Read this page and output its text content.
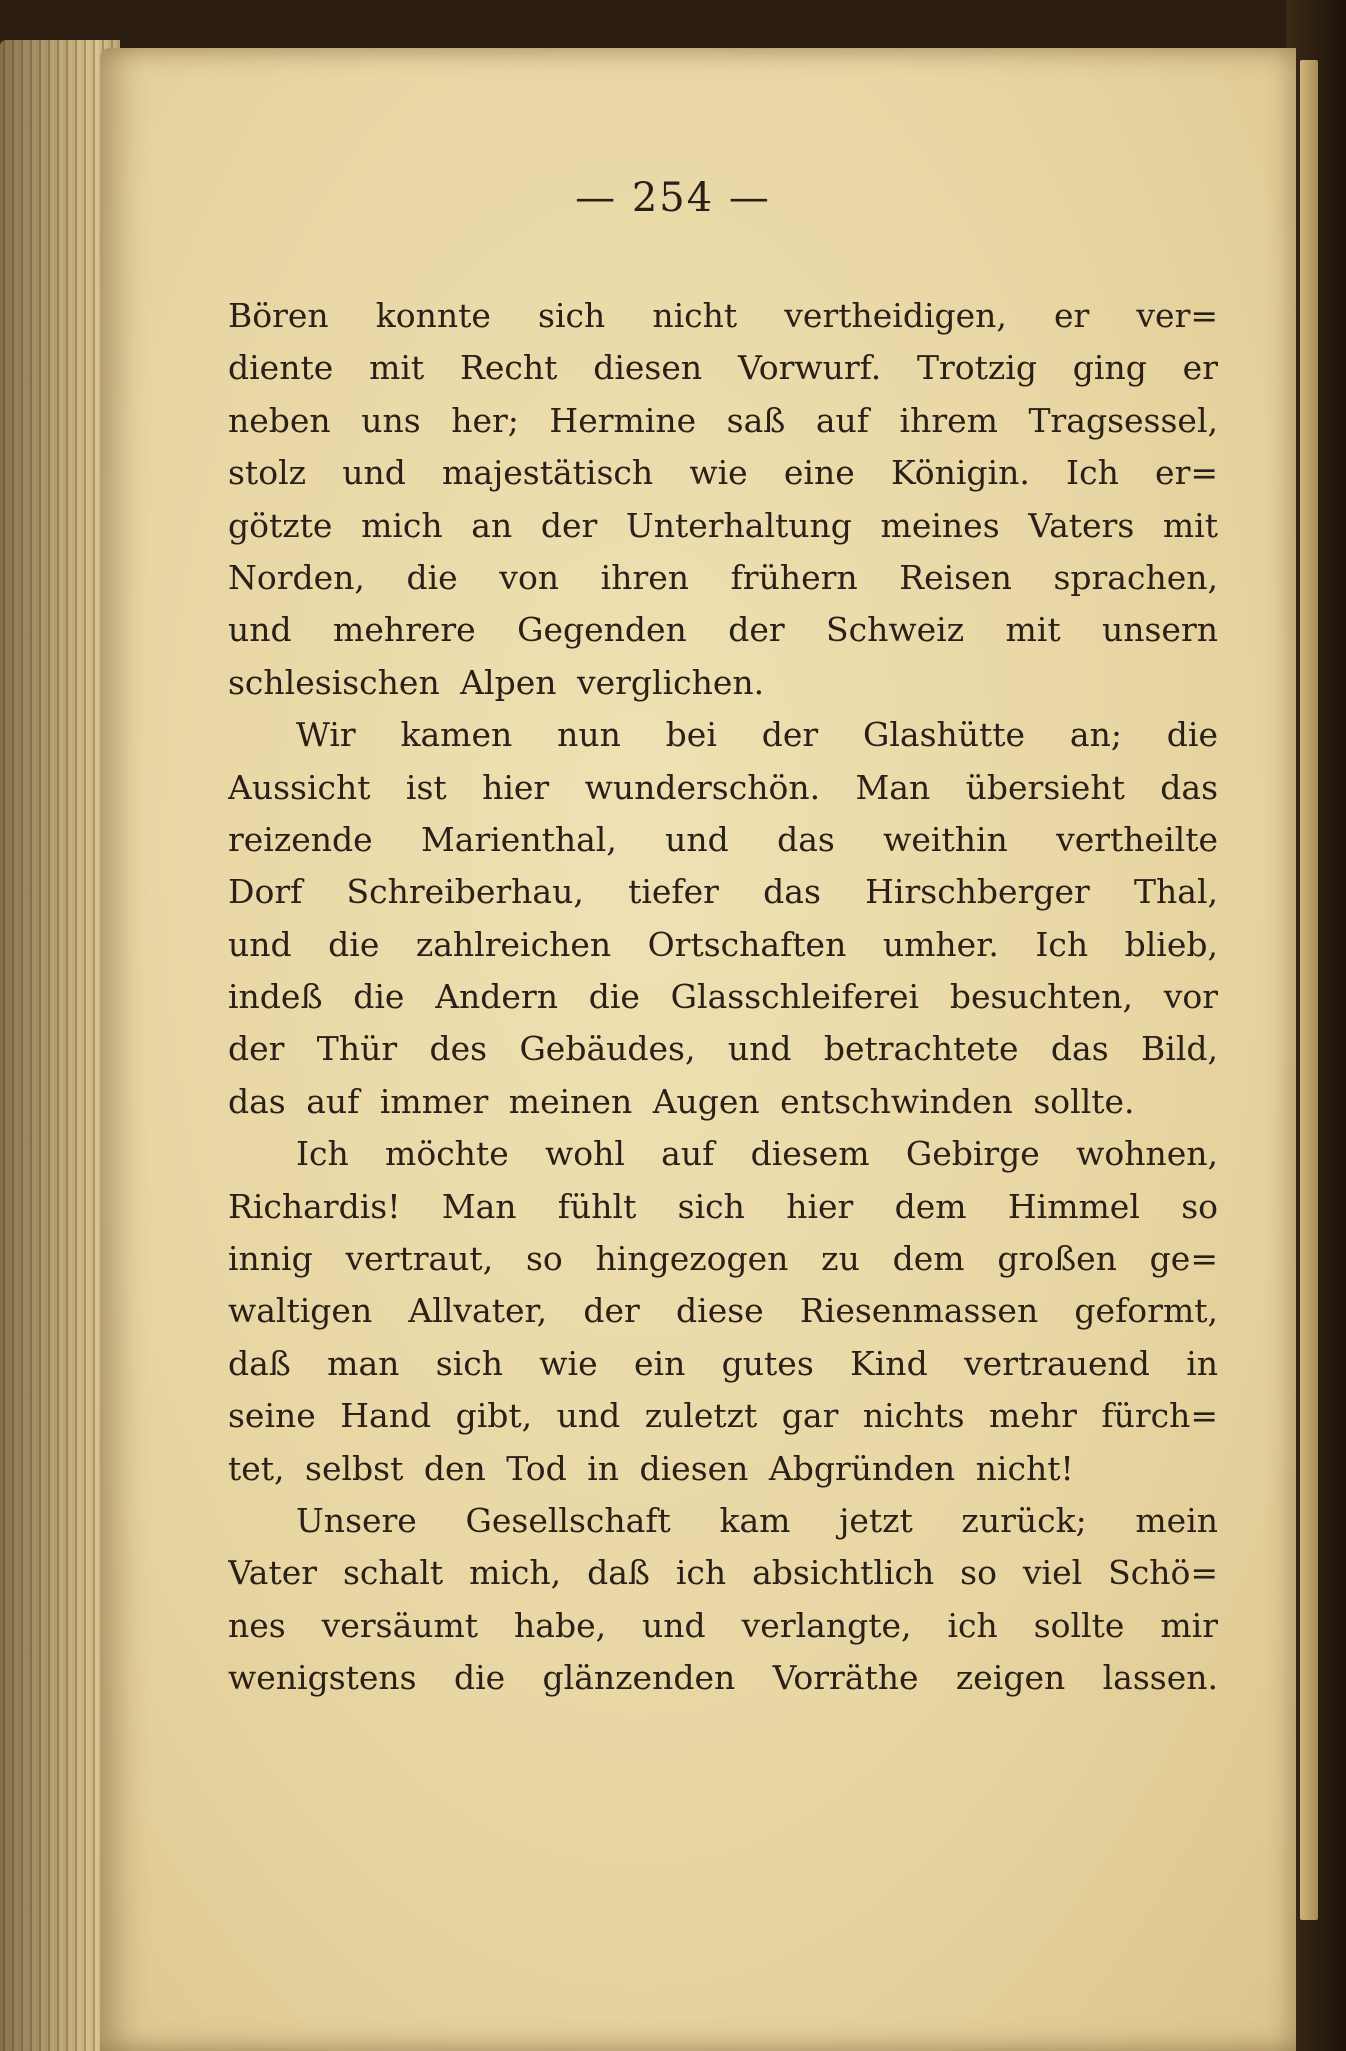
— 254 —
Bören konnte sich nicht vertheidigen, er ver=
diente mit Recht diesen Vorwurf. Trotzig ging er
neben uns her; Hermine saß auf ihrem Tragsessel,
stolz und majestätisch wie eine Königin. Ich er=
götzte mich an der Unterhaltung meines Vaters mit
Norden, die von ihren frühern Reisen sprachen,
und mehrere Gegenden der Schweiz mit unsern
schlesischen Alpen verglichen.
Wir kamen nun bei der Glashütte an; die
Aussicht ist hier wunderschön. Man übersieht das
reizende Marienthal, und das weithin vertheilte
Dorf Schreiberhau, tiefer das Hirschberger Thal,
und die zahlreichen Ortschaften umher. Ich blieb,
indeß die Andern die Glasschleiferei besuchten, vor
der Thür des Gebäudes, und betrachtete das Bild,
das auf immer meinen Augen entschwinden sollte.
Ich möchte wohl auf diesem Gebirge wohnen,
Richardis! Man fühlt sich hier dem Himmel so
innig vertraut, so hingezogen zu dem großen ge=
waltigen Allvater, der diese Riesenmassen geformt,
daß man sich wie ein gutes Kind vertrauend in
seine Hand gibt, und zuletzt gar nichts mehr fürch=
tet, selbst den Tod in diesen Abgründen nicht!
Unsere Gesellschaft kam jetzt zurück; mein
Vater schalt mich, daß ich absichtlich so viel Schö=
nes versäumt habe, und verlangte, ich sollte mir
wenigstens die glänzenden Vorräthe zeigen lassen.
